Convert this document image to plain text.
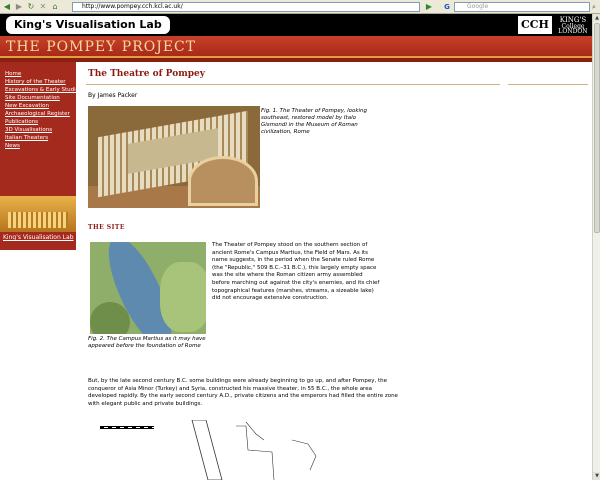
◀ ▶ ↻ ✕ ⌂	http://www.pompey.cch.kcl.ac.uk/	▶	G	Google	⌕
King's Visualisation Lab	CCH	KING'S
College
LONDON
THE POMPEY PROJECT
Home
History of the Theater
Excavations & Early Studies
Site Documentation
New Excavation
Archaeological Register
Publications
3D Visualisations
Italian Theaters
News
King's Visualisation Lab
The Theatre of Pompey
By James Packer
Fig. 1. The Theater of Pompey, looking southeast, restored model by Italo Gismondi in the Museum of Roman civilization, Rome
THE SITE
Fig. 2. The Campus Martius as it may have appeared before the foundation of Rome
The Theater of Pompey stood on the southern section of ancient Rome's Campus Martius, the Field of Mars. As its name suggests, in the period when the Senate ruled Rome (the "Republic," 509 B.C.–31 B.C.), this largely empty space was the site where the Roman citizen army assembled before marching out against the city's enemies, and its chief topographical features (marshes, streams, a sizeable lake) did not encourage extensive construction.
But, by the late second century B.C. some buildings were already beginning to go up, and after Pompey, the conqueror of Asia Minor (Turkey) and Syria, constructed his massive theater, in 55 B.C., the whole area developed rapidly. By the early second century A.D., private citizens and the emperors had filled the entire zone with elegant public and private buildings.
▲
▼
